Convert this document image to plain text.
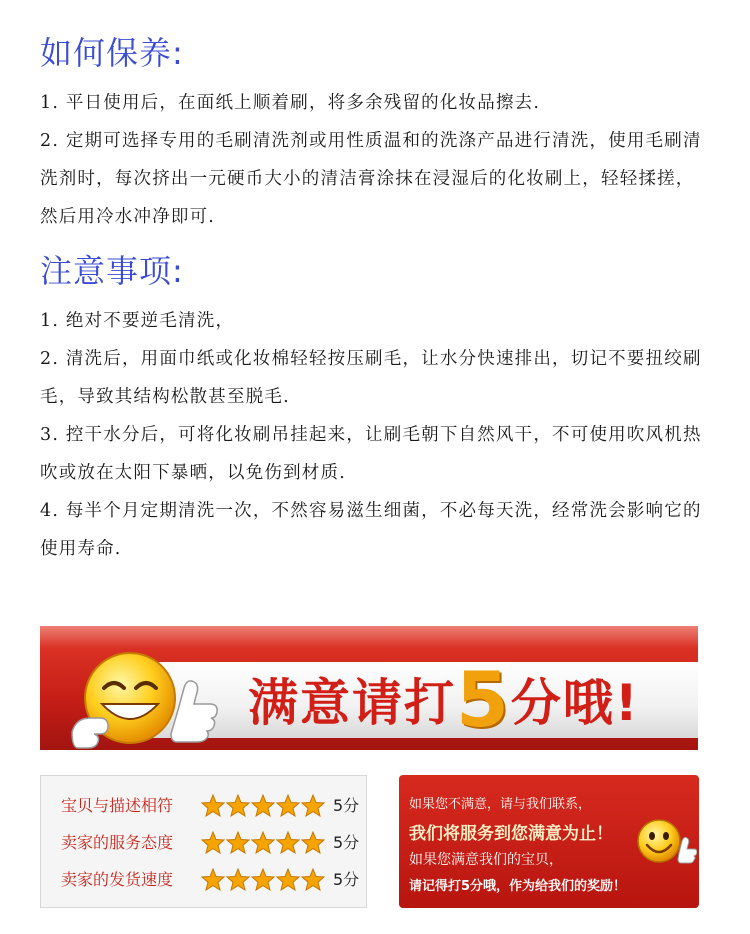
如何保养:

1. 平日使用后，在面纸上顺着刷，将多余残留的化妆品擦去.

2. 定期可选择专用的毛刷清洗剂或用性质温和的洗涤产品进行清洗，使用毛刷清洗剂时，每次挤出一元硬币大小的清洁膏涂抹在浸湿后的化妆刷上，轻轻揉搓，然后用冷水冲净即可.

注意事项:

1. 绝对不要逆毛清洗，

2. 清洗后，用面巾纸或化妆棉轻轻按压刷毛，让水分快速排出，切记不要扭绞刷毛，导致其结构松散甚至脱毛.

3. 控干水分后，可将化妆刷吊挂起来，让刷毛朝下自然风干，不可使用吹风机热吹或放在太阳下暴晒，以免伤到材质.

4. 每半个月定期清洗一次，不然容易滋生细菌，不必每天洗，经常洗会影响它的使用寿命.

满意请打5分哦!
宝贝与描述相符	5分
卖家的服务态度	5分
卖家的发货速度	5分
如果您不满意，请与我们联系，
我们将服务到您满意为止！
如果您满意我们的宝贝，
请记得打5分哦，作为给我们的奖励！
